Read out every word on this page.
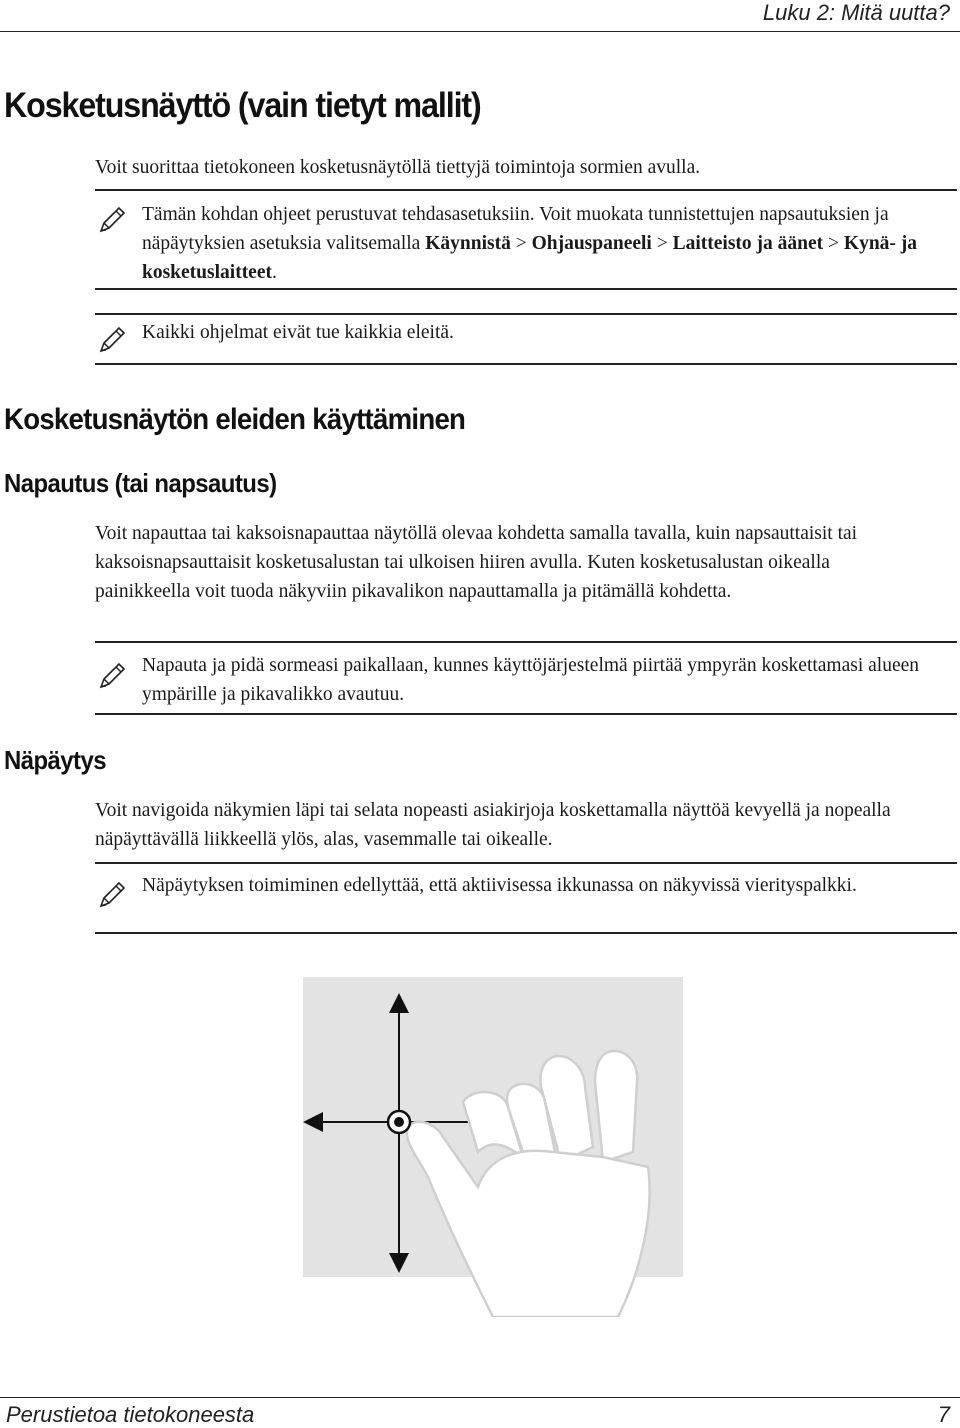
Luku 2: Mitä uutta?
Kosketusnäyttö (vain tietyt mallit)
Voit suorittaa tietokoneen kosketusnäytöllä tiettyjä toimintoja sormien avulla.
Tämän kohdan ohjeet perustuvat tehdasasetuksiin. Voit muokata tunnistettujen napsautuksien ja näpäytyksien asetuksia valitsemalla Käynnistä > Ohjauspaneeli > Laitteisto ja äänet > Kynä- ja kosketuslaitteet.
Kaikki ohjelmat eivät tue kaikkia eleitä.
Kosketusnäytön eleiden käyttäminen
Napautus (tai napsautus)
Voit napauttaa tai kaksoisnapauttaa näytöllä olevaa kohdetta samalla tavalla, kuin napsauttaisit tai kaksoisnapsauttaisit kosketusalustan tai ulkoisen hiiren avulla. Kuten kosketusalustan oikealla painikkeella voit tuoda näkyviin pikavalikon napauttamalla ja pitämällä kohdetta.
Napauta ja pidä sormeasi paikallaan, kunnes käyttöjärjestelmä piirtää ympyrän koskettamasi alueen ympärille ja pikavalikko avautuu.
Näpäytys
Voit navigoida näkymien läpi tai selata nopeasti asiakirjoja koskettamalla näyttöä kevyellä ja nopealla näpäyttävällä liikkeellä ylös, alas, vasemmalle tai oikealle.
Näpäytyksen toimiminen edellyttää, että aktiivisessa ikkunassa on näkyvissä vierityspalkki.
Perustietoa tietokoneesta	7
